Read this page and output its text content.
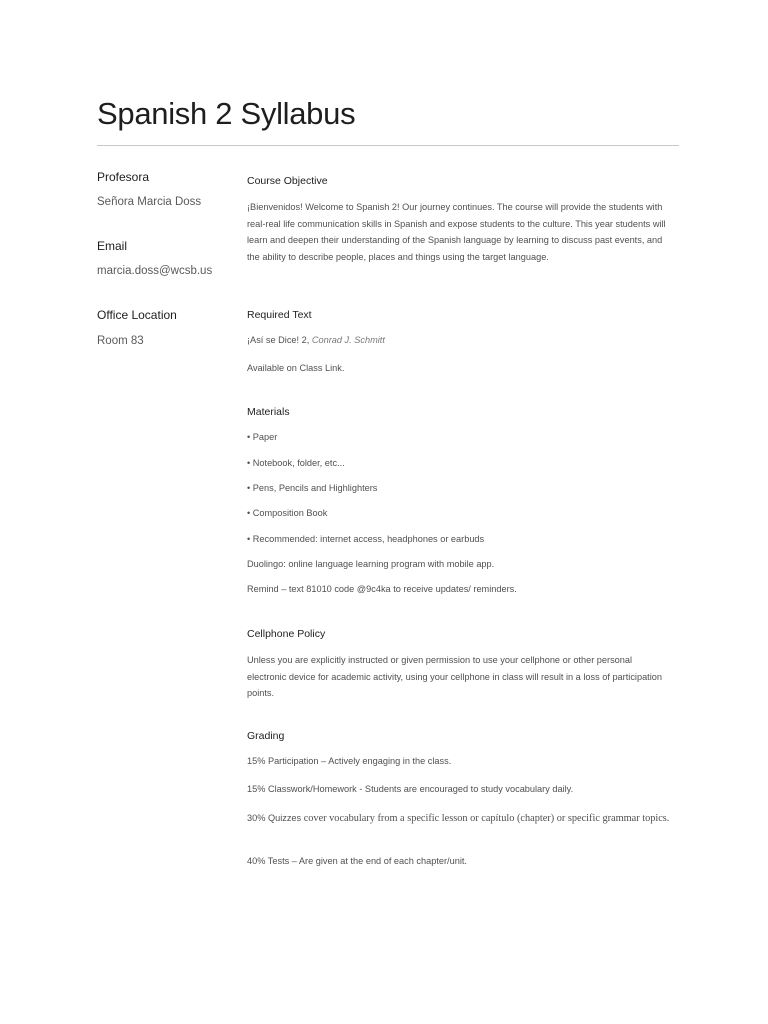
Spanish 2 Syllabus
Profesora
Señora Marcia Doss
Email
marcia.doss@wcsb.us
Office Location
Room 83
Course Objective

¡Bienvenidos! Welcome to Spanish 2! Our journey continues. The course will provide the students with real-real life communication skills in Spanish and expose students to the culture. This year students will learn and deepen their understanding of the Spanish language by learning to discuss past events, and the ability to describe people, places and things using the target language.

Required Text
¡Así se Dice! 2, Conrad J. Schmitt
Available on Class Link.
Materials
• Paper
• Notebook, folder, etc...
• Pens, Pencils and Highlighters
• Composition Book
• Recommended: internet access, headphones or earbuds
Duolingo: online language learning program with mobile app.
Remind – text 81010 code @9c4ka to receive updates/ reminders.
Cellphone Policy

Unless you are explicitly instructed or given permission to use your cellphone or other personal electronic device for academic activity, using your cellphone in class will result in a loss of participation points.

Grading
15% Participation – Actively engaging in the class.
15% Classwork/Homework - Students are encouraged to study vocabulary daily.

30% Quizzes cover vocabulary from a specific lesson or capítulo (chapter) or specific grammar topics.

40% Tests – Are given at the end of each chapter/unit.
